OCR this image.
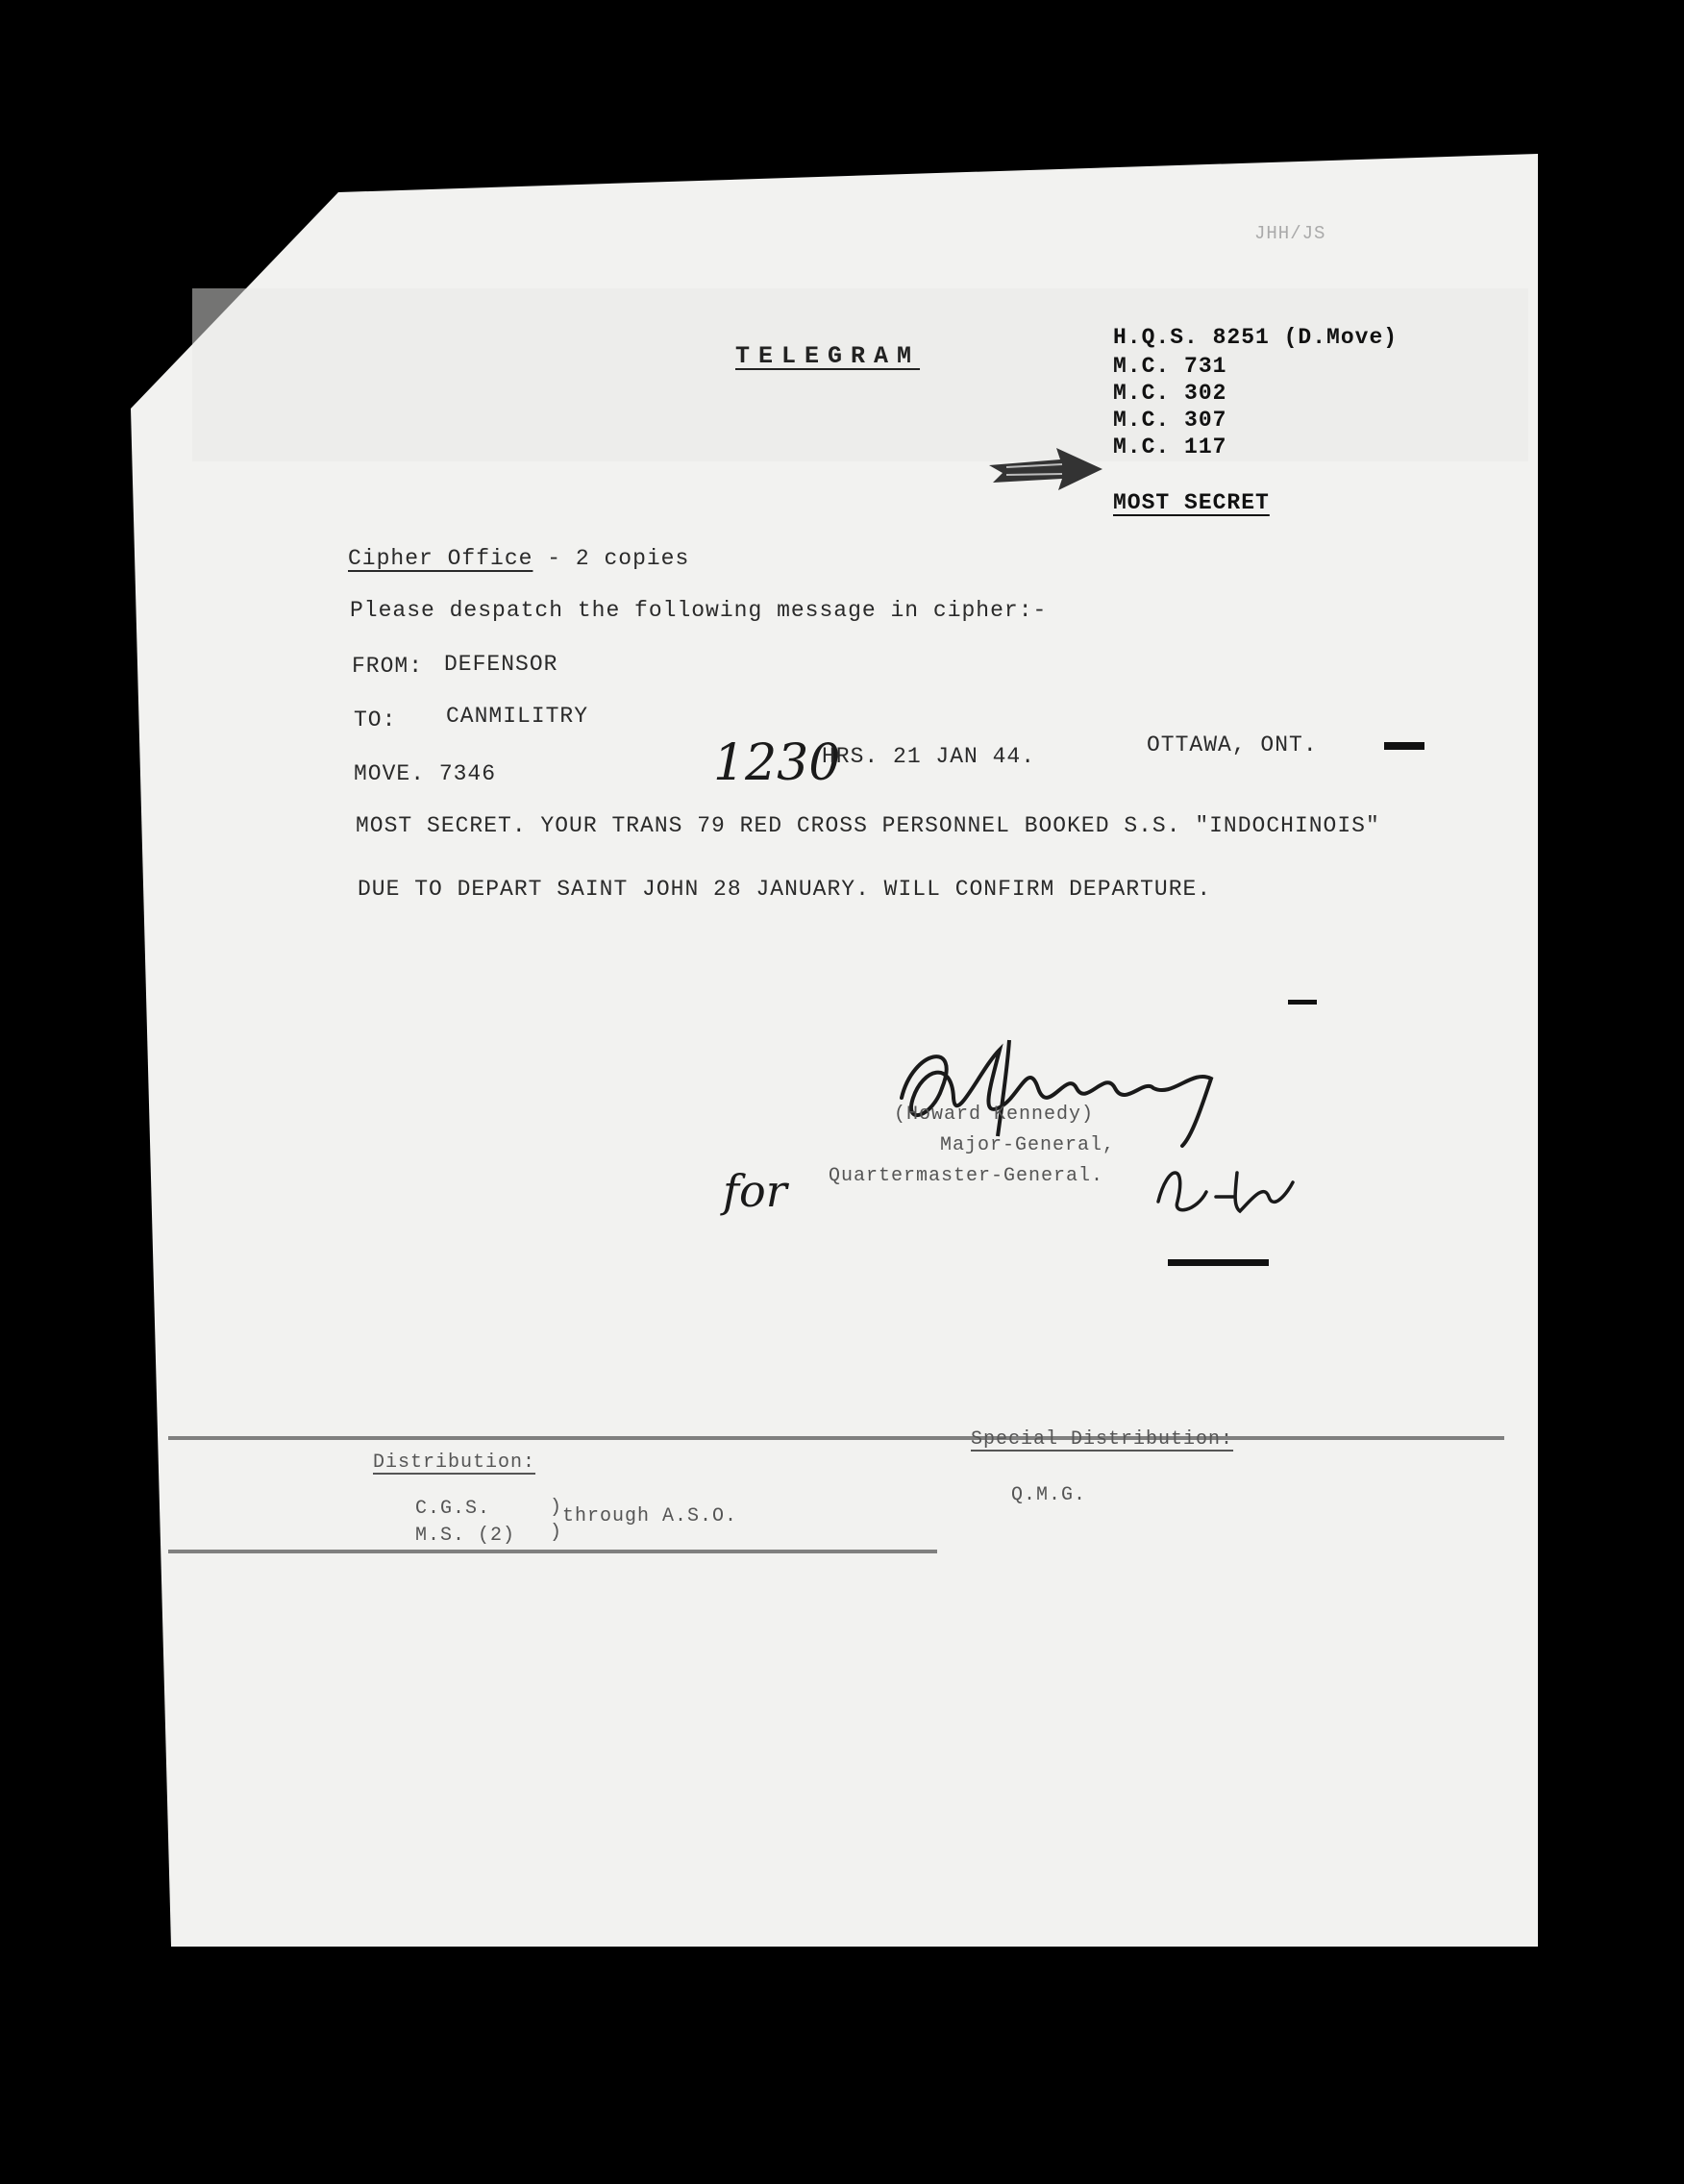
JHH/JS
TELEGRAM
H.Q.S. 8251 (D.Move)
M.C. 731
M.C. 302
M.C. 307
M.C. 117
MOST SECRET
Cipher Office - 2 copies
Please despatch the following message in cipher:-
FROM: DEFENSOR
TO: CANMILITRY
MOVE. 7346	1230
HRS. 21 JAN 44.	OTTAWA, ONT.
MOST SECRET. YOUR TRANS 79 RED CROSS PERSONNEL BOOKED S.S. "INDOCHINOIS"
DUE TO DEPART SAINT JOHN 28 JANUARY. WILL CONFIRM DEPARTURE.
(Howard Kennedy)
Major-General,
Quartermaster-General.
for
Distribution:
C.G.S.
M.S. (2)
)
)
through A.S.O.
Special Distribution:
Q.M.G.
